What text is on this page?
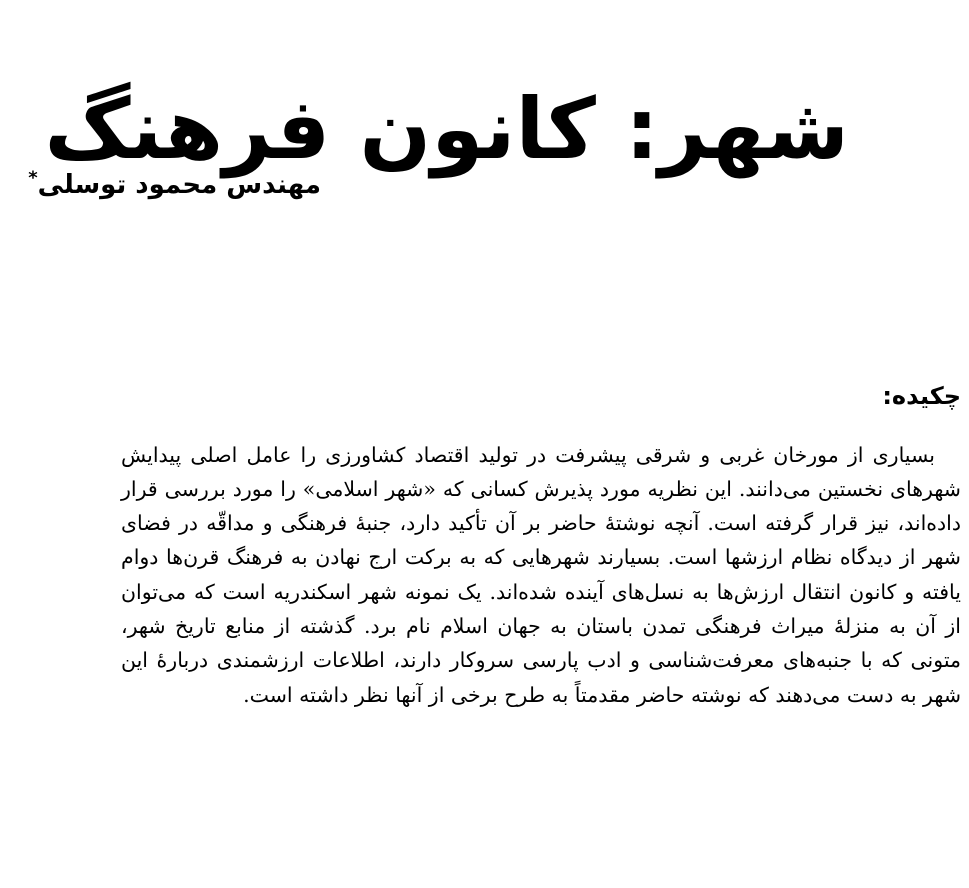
شهر: کانون فرهنگ
مهندس محمود توسلی*
چکیده:

بسیاری از مورخان غربی و شرقی پیشرفت در تولید اقتصاد کشاورزی را عامل اصلی پیدایش شهرهای نخستین می‌دانند. این نظریه مورد پذیرش کسانی که «شهر اسلامی» را مورد بررسی قرار داده‌اند، نیز قرار گرفته است. آنچه نوشتهٔ حاضر بر آن تأکید دارد، جنبهٔ فرهنگی و مداقّه در فضای شهر از دیدگاه نظام ارزشها است. بسیارند شهرهایی که به برکت ارج نهادن به فرهنگ قرن‌ها دوام یافته و کانون انتقال ارزش‌ها به نسل‌های آینده شده‌اند. یک نمونه شهر اسکندریه است که می‌توان از آن به منزلهٔ میراث فرهنگی تمدن باستان به جهان اسلام نام برد. گذشته از منابع تاریخ شهر، متونی که با جنبه‌های معرفت‌شناسی و ادب پارسی سروکار دارند، اطلاعات ارزشمندی دربارهٔ این شهر به دست می‌دهند که نوشته حاضر مقدمتاً به طرح برخی از آنها نظر داشته است.
